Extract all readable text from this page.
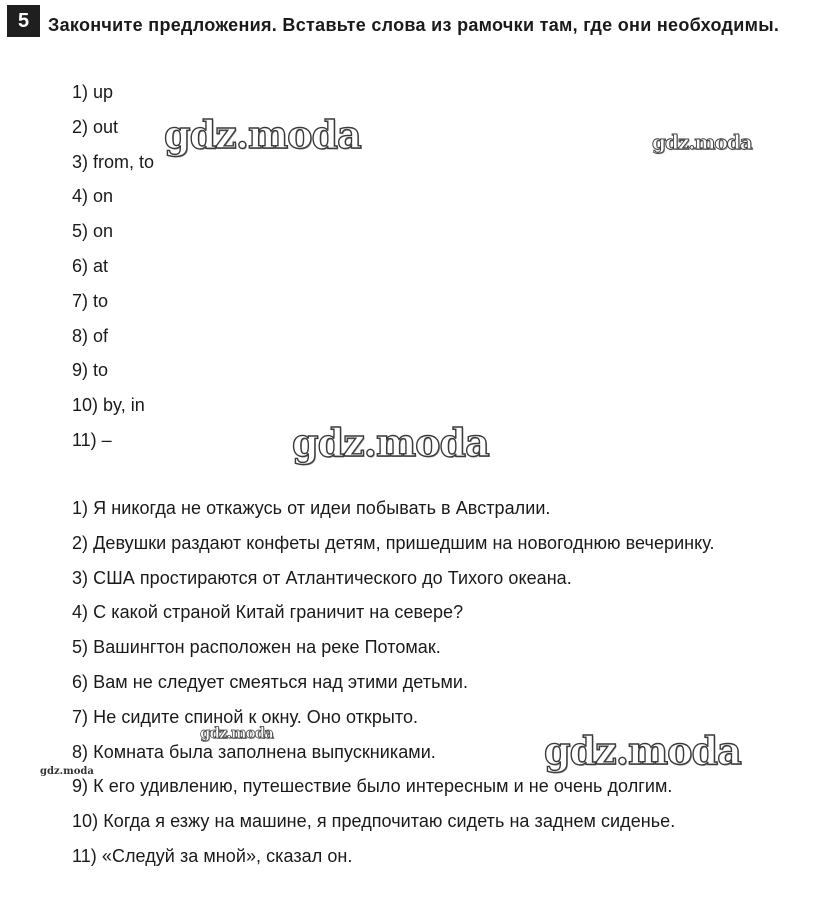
5	Закончите предложения. Вставьте слова из рамочки там, где они необходимы.
1) up
2) out
3) from, to
4) on
5) on
6) at
7) to
8) of
9) to
10) by, in
11) –
1) Я никогда не откажусь от идеи побывать в Австралии.
2) Девушки раздают конфеты детям, пришедшим на новогоднюю вечеринку.
3) США простираются от Атлантического до Тихого океана.
4) С какой страной Китай граничит на севере?
5) Вашингтон расположен на реке Потомак.
6) Вам не следует смеяться над этими детьми.
7) Не сидите спиной к окну. Оно открыто.
8) Комната была заполнена выпускниками.
9) К его удивлению, путешествие было интересным и не очень долгим.
10) Когда я езжу на машине, я предпочитаю сидеть на заднем сиденье.
11) «Следуй за мной», сказал он.
gdz.moda	gdz.moda
gdz.moda
gdz.moda	gdz.moda
gdz.moda
